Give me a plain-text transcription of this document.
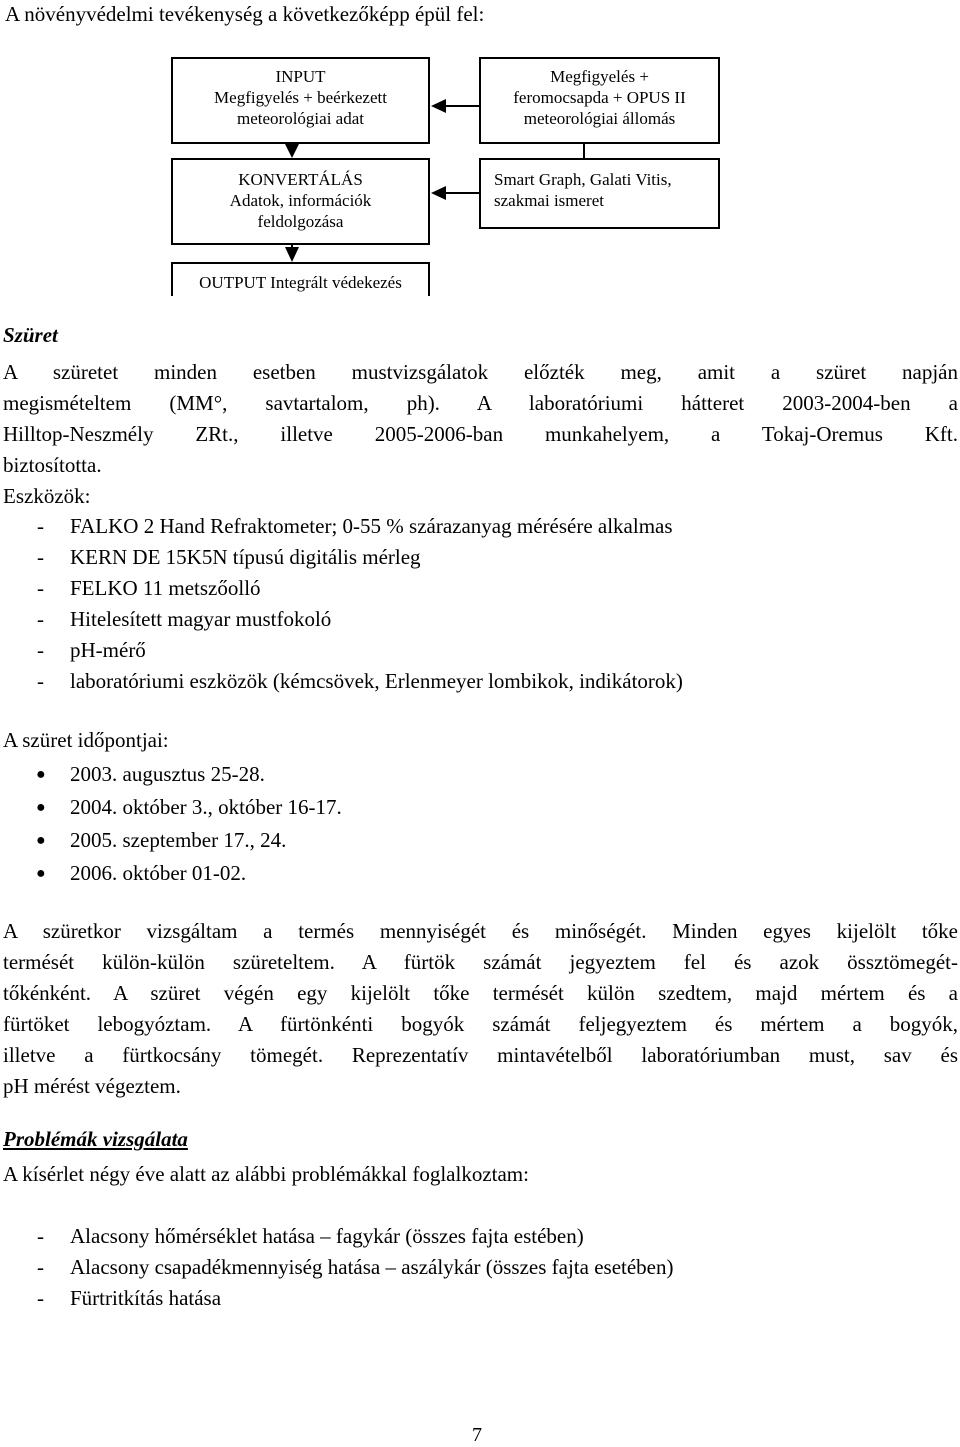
A növényvédelmi tevékenység a következőképp épül fel:
INPUT
Megfigyelés + beérkezett
meteorológiai adat
Megfigyelés +
feromocsapda + OPUS II
meteorológiai állomás
KONVERTÁLÁS
Adatok, információk
feldolgozása
Smart Graph, Galati Vitis,
szakmai ismeret
OUTPUT Integrált védekezés
Szüret
A szüretet minden esetben mustvizsgálatok előzték meg, amit a szüret napján
megismételtem (MM°, savtartalom, ph). A laboratóriumi hátteret 2003-2004-ben a
Hilltop-Neszmély ZRt., illetve 2005-2006-ban munkahelyem, a Tokaj-Oremus Kft.
biztosította.
Eszközök:
- FALKO 2 Hand Refraktometer; 0-55 % szárazanyag mérésére alkalmas
- KERN DE 15K5N típusú digitális mérleg
- FELKO 11 metszőolló
- Hitelesített magyar mustfokoló
- pH-mérő
- laboratóriumi eszközök (kémcsövek, Erlenmeyer lombikok, indikátorok)
A szüret időpontjai:
● 2003. augusztus 25-28.
● 2004. október 3., október 16-17.
● 2005. szeptember 17., 24.
● 2006. október 01-02.
A szüretkor vizsgáltam a termés mennyiségét és minőségét. Minden egyes kijelölt tőke
termését külön-külön szüreteltem. A fürtök számát jegyeztem fel és azok össztömegét-
tőkénként. A szüret végén egy kijelölt tőke termését külön szedtem, majd mértem és a
fürtöket lebogyóztam. A fürtönkénti bogyók számát feljegyeztem és mértem a bogyók,
illetve a fürtkocsány tömegét. Reprezentatív mintavételből laboratóriumban must, sav és
pH mérést végeztem.
Problémák vizsgálata
A kísérlet négy éve alatt az alábbi problémákkal foglalkoztam:
- Alacsony hőmérséklet hatása – fagykár (összes fajta estében)
- Alacsony csapadékmennyiség hatása – aszálykár (összes fajta esetében)
- Fürtritkítás hatása
7
